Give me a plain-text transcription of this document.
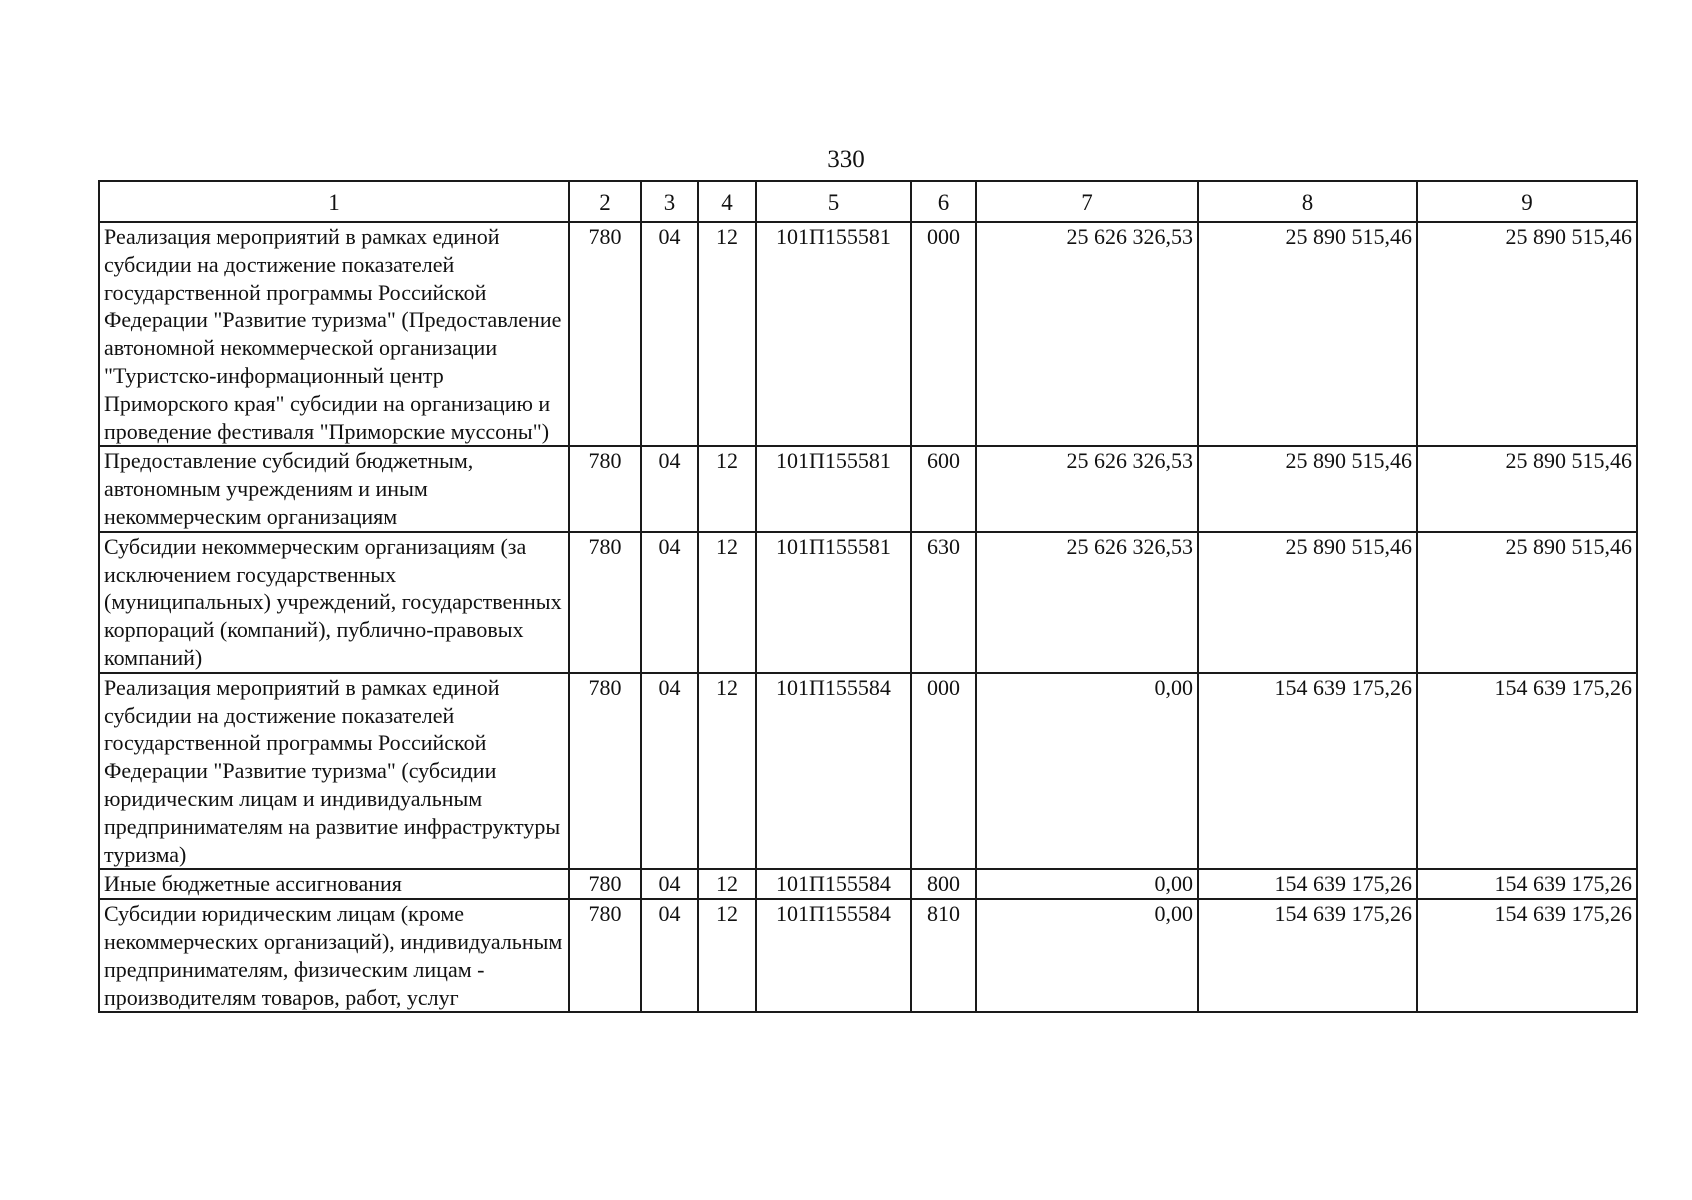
330
1	2	3	4	5	6	7	8	9
Реализация мероприятий в рамках единой субсидии на достижение показателей государственной программы Российской Федерации "Развитие туризма" (Предоставление автономной некоммерческой организации "Туристско-информационный центр Приморского края" субсидии на организацию и проведение фестиваля "Приморские муссоны")	780	04	12	101П155581	000	25 626 326,53	25 890 515,46	25 890 515,46
Предоставление субсидий бюджетным, автономным учреждениям и иным некоммерческим организациям	780	04	12	101П155581	600	25 626 326,53	25 890 515,46	25 890 515,46
Субсидии некоммерческим организациям (за исключением государственных (муниципальных) учреждений, государственных корпораций (компаний), публично-правовых компаний)	780	04	12	101П155581	630	25 626 326,53	25 890 515,46	25 890 515,46
Реализация мероприятий в рамках единой субсидии на достижение показателей государственной программы Российской Федерации "Развитие туризма" (субсидии юридическим лицам и индивидуальным предпринимателям на развитие инфраструктуры туризма)	780	04	12	101П155584	000	0,00	154 639 175,26	154 639 175,26
Иные бюджетные ассигнования	780	04	12	101П155584	800	0,00	154 639 175,26	154 639 175,26
Субсидии юридическим лицам (кроме некоммерческих организаций), индивидуальным предпринимателям, физическим лицам - производителям товаров, работ, услуг	780	04	12	101П155584	810	0,00	154 639 175,26	154 639 175,26
